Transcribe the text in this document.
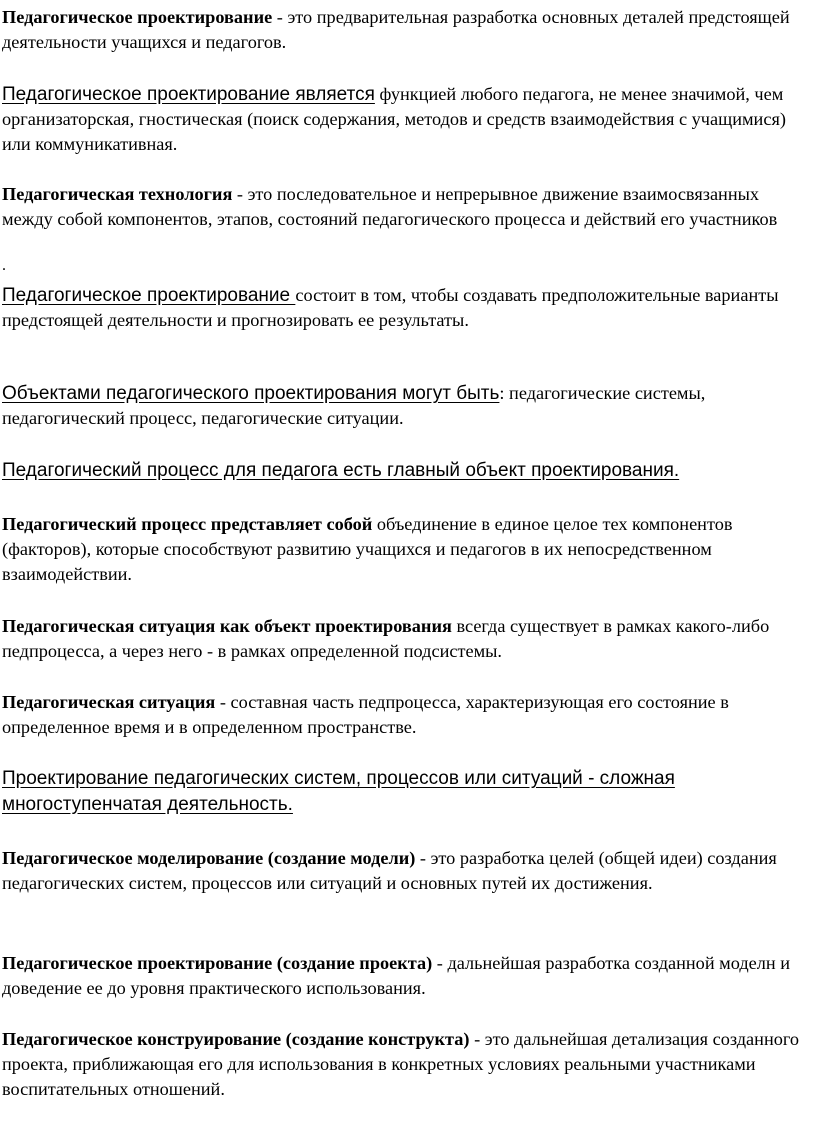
Педагогическое проектирование - это предварительная разработка основных деталей предстоящей деятельности учащихся и педагогов.

Педагогическое проектирование является функцией любого педагога, не менее значимой, чем организаторская, гностическая (поиск содержания, методов и средств взаимодействия с учащимися) или коммуникативная.

Педагогическая технология - это последовательное и непрерывное движение взаимосвязанных между собой компонентов, этапов, состояний педагогического процесса и действий его участников

.

Педагогическое проектирование состоит в том, чтобы создавать предположительные варианты предстоящей деятельности и прогнозировать ее результаты.

Объектами педагогического проектирования могут быть: педагогические системы, педагогический процесс, педагогические ситуации.

Педагогический процесс для педагога есть главный объект проектирования.

Педагогический процесс представляет собой объединение в единое целое тех компонентов (факторов), которые способствуют развитию учащихся и педагогов в их непосредственном взаимодействии.

Педагогическая ситуация как объект проектирования всегда существует в рамках какого-либо педпроцесса, а через него - в рамках определенной подсистемы.

Педагогическая ситуация - составная часть педпроцесса, характеризующая его состояние в определенное время и в определенном пространстве.

Проектирование педагогических систем, процессов или ситуаций - сложная многоступенчатая деятельность.

Педагогическое моделирование (создание модели) - это разработка целей (общей идеи) создания педагогических систем, процессов или ситуаций и основных путей их достижения.

Педагогическое проектирование (создание проекта) - дальнейшая разработка созданной моделн и доведение ее до уровня практического использования.

Педагогическое конструирование (создание конструкта) - это дальнейшая детализация созданного проекта, приближающая его для использования в конкретных условиях реальными участниками воспитательных отношений.
